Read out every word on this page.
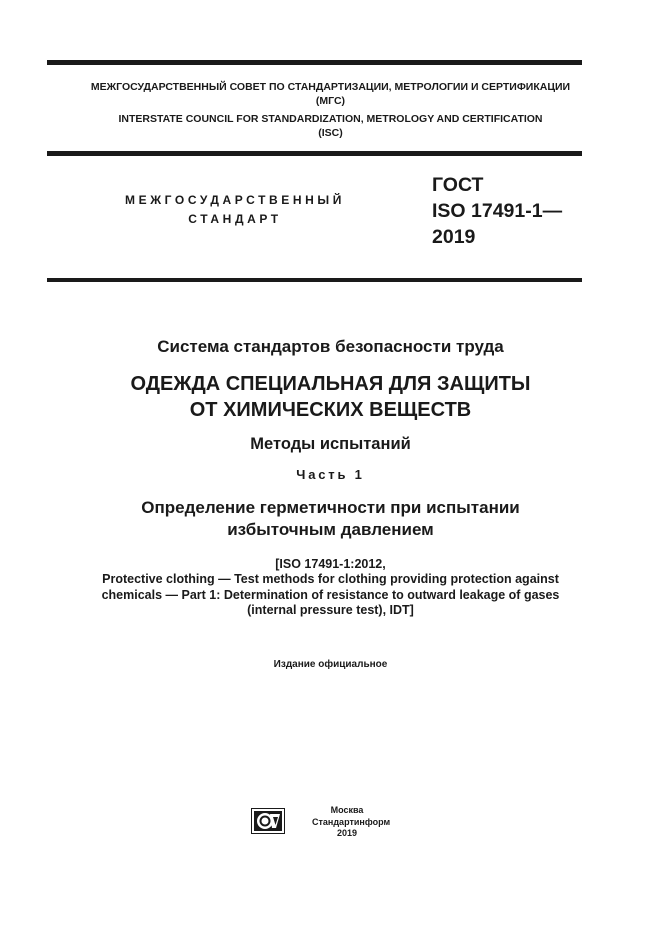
МЕЖГОСУДАРСТВЕННЫЙ СОВЕТ ПО СТАНДАРТИЗАЦИИ, МЕТРОЛОГИИ И СЕРТИФИКАЦИИ
(МГС)
INTERSTATE COUNCIL FOR STANDARDIZATION, METROLOGY AND CERTIFICATION
(ISC)
МЕЖГОСУДАРСТВЕННЫЙ
СТАНДАРТ
ГОСТ
ISO 17491-1—
2019
Система стандартов безопасности труда
ОДЕЖДА СПЕЦИАЛЬНАЯ ДЛЯ ЗАЩИТЫ
ОТ ХИМИЧЕСКИХ ВЕЩЕСТВ
Методы испытаний
Часть 1
Определение герметичности при испытании
избыточным давлением
[ISO 17491-1:2012,
Protective clothing — Test methods for clothing providing protection against
chemicals — Part 1: Determination of resistance to outward leakage of gases
(internal pressure test), IDT]
Издание официальное
Москва
Стандартинформ
2019
